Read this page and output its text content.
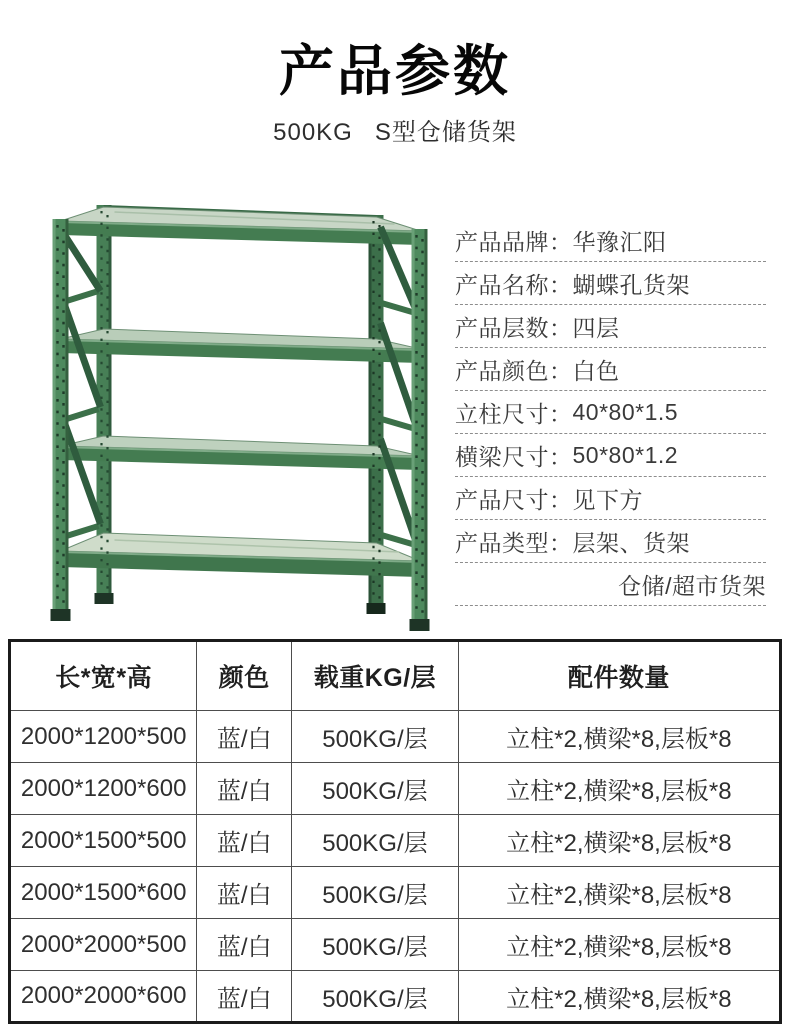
产品参数
500KG S型仓储货架
产品品牌： 华豫汇阳
产品名称： 蝴蝶孔货架
产品层数： 四层
产品颜色： 白色
立柱尺寸： 40*80*1.5
横梁尺寸： 50*80*1.2
产品尺寸： 见下方
产品类型： 层架、货架
仓储/超市货架
长*宽*高	颜色	载重KG/层	配件数量
2000*1200*500	蓝/白	500KG/层	立柱*2,横梁*8,层板*8
2000*1200*600	蓝/白	500KG/层	立柱*2,横梁*8,层板*8
2000*1500*500	蓝/白	500KG/层	立柱*2,横梁*8,层板*8
2000*1500*600	蓝/白	500KG/层	立柱*2,横梁*8,层板*8
2000*2000*500	蓝/白	500KG/层	立柱*2,横梁*8,层板*8
2000*2000*600	蓝/白	500KG/层	立柱*2,横梁*8,层板*8
